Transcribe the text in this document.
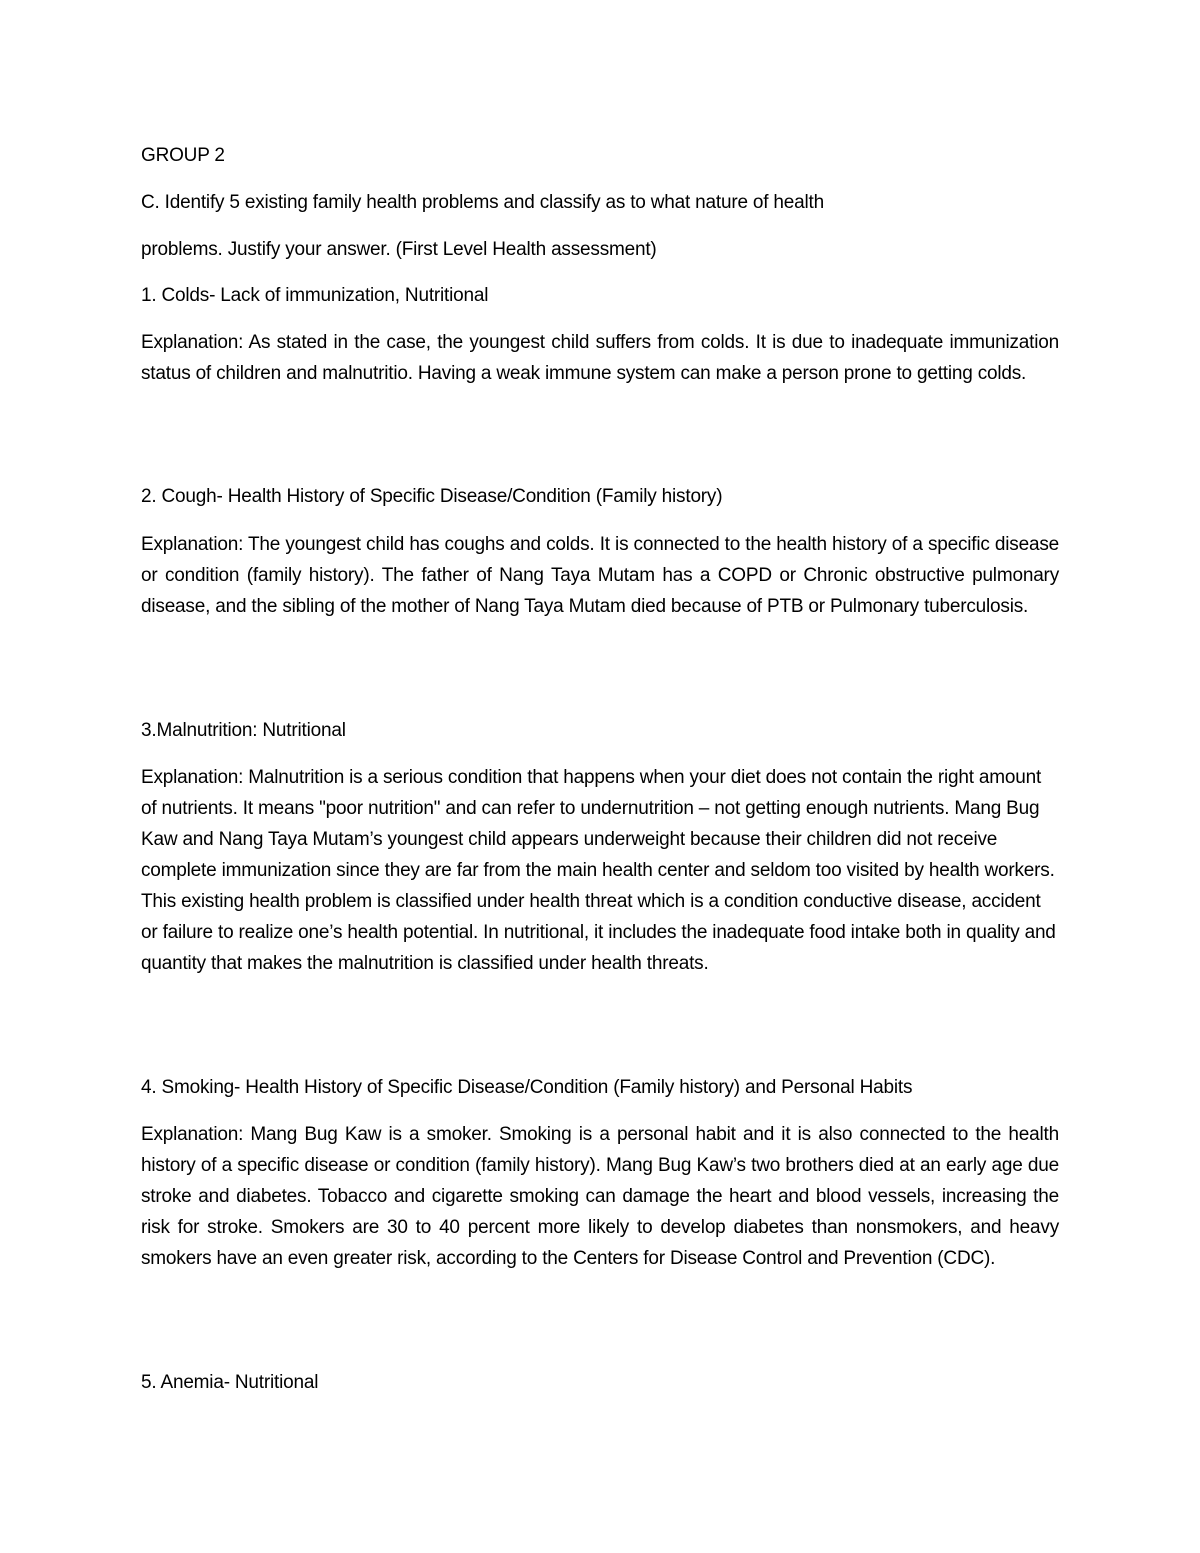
GROUP 2
C. Identify 5 existing family health problems and classify as to what nature of health
problems. Justify your answer. (First Level Health assessment)
1. Colds- Lack of immunization, Nutritional

Explanation: As stated in the case, the youngest child suffers from colds. It is due to inadequate immunization status of children and malnutritio. Having a weak immune system can make a person prone to getting colds.

2. Cough- Health History of Specific Disease/Condition (Family history)

Explanation: The youngest child has coughs and colds. It is connected to the health history of a specific disease or condition (family history). The father of Nang Taya Mutam has a COPD or Chronic obstructive pulmonary disease, and the sibling of the mother of Nang Taya Mutam died because of PTB or Pulmonary tuberculosis.

3.Malnutrition: Nutritional

Explanation: Malnutrition is a serious condition that happens when your diet does not contain the right amount of nutrients. It means "poor nutrition" and can refer to undernutrition – not getting enough nutrients. Mang Bug Kaw and Nang Taya Mutam’s youngest child appears underweight because their children did not receive complete immunization since they are far from the main health center and seldom too visited by health workers. This existing health problem is classified under health threat which is a condition conductive disease, accident or failure to realize one’s health potential. In nutritional, it includes the inadequate food intake both in quality and quantity that makes the malnutrition is classified under health threats.

4. Smoking- Health History of Specific Disease/Condition (Family history) and Personal Habits

Explanation: Mang Bug Kaw is a smoker. Smoking is a personal habit and it is also connected to the health history of a specific disease or condition (family history). Mang Bug Kaw’s two brothers died at an early age due stroke and diabetes. Tobacco and cigarette smoking can damage the heart and blood vessels, increasing the risk for stroke. Smokers are 30 to 40 percent more likely to develop diabetes than nonsmokers, and heavy smokers have an even greater risk, according to the Centers for Disease Control and Prevention (CDC).

5. Anemia- Nutritional
